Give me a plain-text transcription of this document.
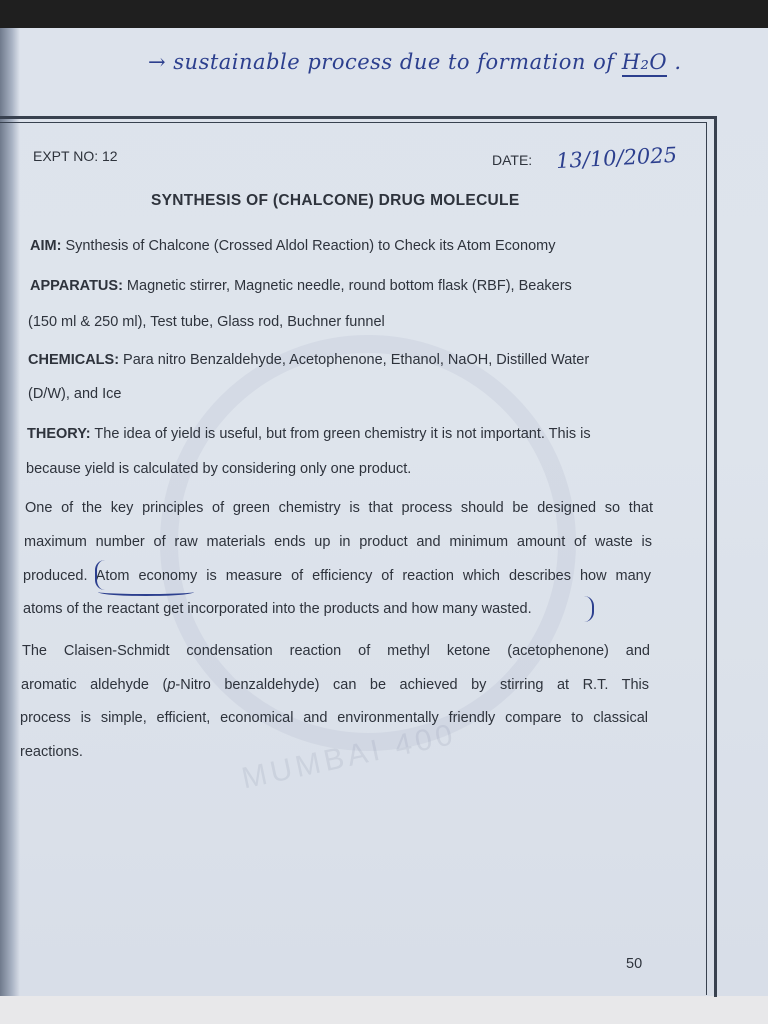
MUMBAI 400
→ sustainable process due to formation of H₂O .
EXPT NO: 12	DATE: 13/10/2025
SYNTHESIS OF (CHALCONE) DRUG MOLECULE
AIM: Synthesis of Chalcone (Crossed Aldol Reaction) to Check its Atom Economy
APPARATUS: Magnetic stirrer, Magnetic needle, round bottom flask (RBF), Beakers
(150 ml & 250 ml), Test tube, Glass rod, Buchner funnel
CHEMICALS: Para nitro Benzaldehyde, Acetophenone, Ethanol, NaOH, Distilled Water
(D/W), and Ice
THEORY: The idea of yield is useful, but from green chemistry it is not important. This is
because yield is calculated by considering only one product.
One of the key principles of green chemistry is that process should be designed so that
maximum number of raw materials ends up in product and minimum amount of waste is
produced. Atom economy is measure of efficiency of reaction which describes how many
atoms of the reactant get incorporated into the products and how many wasted.
The Claisen-Schmidt condensation reaction of methyl ketone (acetophenone) and
aromatic aldehyde (p-Nitro benzaldehyde) can be achieved by stirring at R.T. This
process is simple, efficient, economical and environmentally friendly compare to classical
reactions.
50
